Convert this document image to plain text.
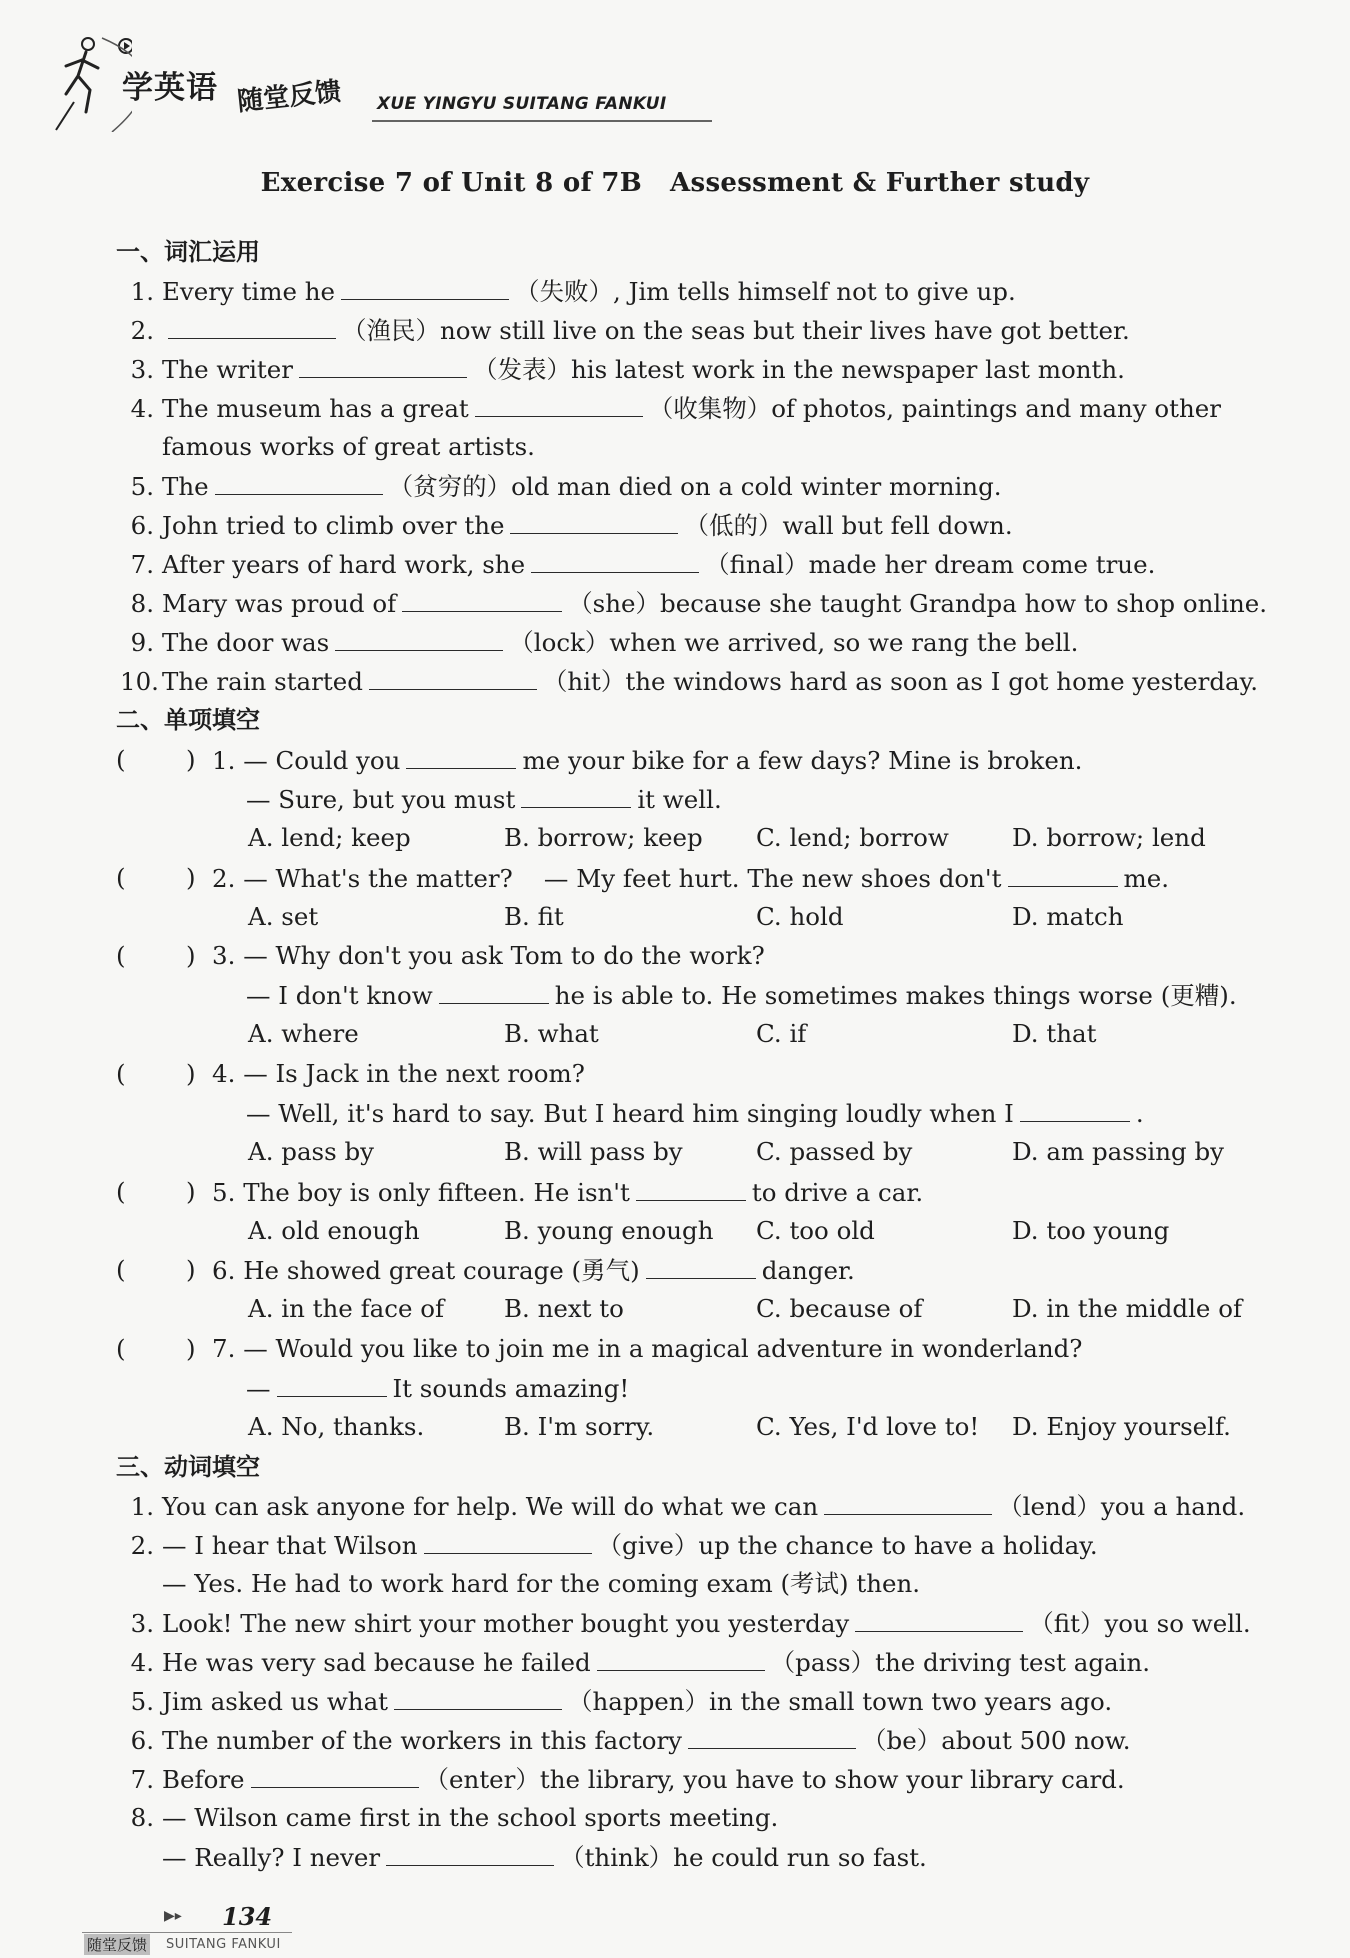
学英语 随堂反馈 XUE YINGYU SUITANG FANKUI
Exercise 7 of Unit 8 of 7B   Assessment & Further study
一、词汇运用
1. Every time he	（失败）, Jim tells himself not to give up.
2.	（渔民）now still live on the seas but their lives have got better.
3. The writer	（发表）his latest work in the newspaper last month.
4. The museum has a great	（收集物）of photos, paintings and many other
famous works of great artists.
5. The	（贫穷的）old man died on a cold winter morning.
6. John tried to climb over the	（低的）wall but fell down.
7. After years of hard work, she	（final）made her dream come true.
8. Mary was proud of	（she）because she taught Grandpa how to shop online.
9. The door was	（lock）when we arrived, so we rang the bell.
10. The rain started	（hit）the windows hard as soon as I got home yesterday.
二、单项填空
( ) 1. — Could you	me your bike for a few days? Mine is broken.
— Sure, but you must	it well.
A. lend; keep	B. borrow; keep C. lend; borrow	D. borrow; lend
( ) 2. — What's the matter?    — My feet hurt. The new shoes don't	me.
A. set	B. fit	C. hold	D. match
( ) 3. — Why don't you ask Tom to do the work?
— I don't know	he is able to. He sometimes makes things worse (更糟).
A. where	B. what	C. if	D. that
( ) 4. — Is Jack in the next room?
— Well, it's hard to say. But I heard him singing loudly when I	.
A. pass by	B. will pass by	C. passed by	D. am passing by
( ) 5. The boy is only fifteen. He isn't	to drive a car.
A. old enough	B. young enough C. too old	D. too young
( ) 6. He showed great courage (勇气)	danger.
A. in the face of B. next to	C. because of	D. in the middle of
( ) 7. — Would you like to join me in a magical adventure in wonderland?
—	It sounds amazing!
A. No, thanks.	B. I'm sorry.	C. Yes, I'd love to! D. Enjoy yourself.
三、动词填空
1. You can ask anyone for help. We will do what we can	（lend）you a hand.
2. — I hear that Wilson	（give）up the chance to have a holiday.
— Yes. He had to work hard for the coming exam (考试) then.
3. Look! The new shirt your mother bought you yesterday	（fit）you so well.
4. He was very sad because he failed	（pass）the driving test again.
5. Jim asked us what	（happen）in the small town two years ago.
6. The number of the workers in this factory	（be）about 500 now.
7. Before	（enter）the library, you have to show your library card.
8. — Wilson came first in the school sports meeting.
— Really? I never	（think）he could run so fast.
▶▸ 134
随堂反馈 SUITANG FANKUI
